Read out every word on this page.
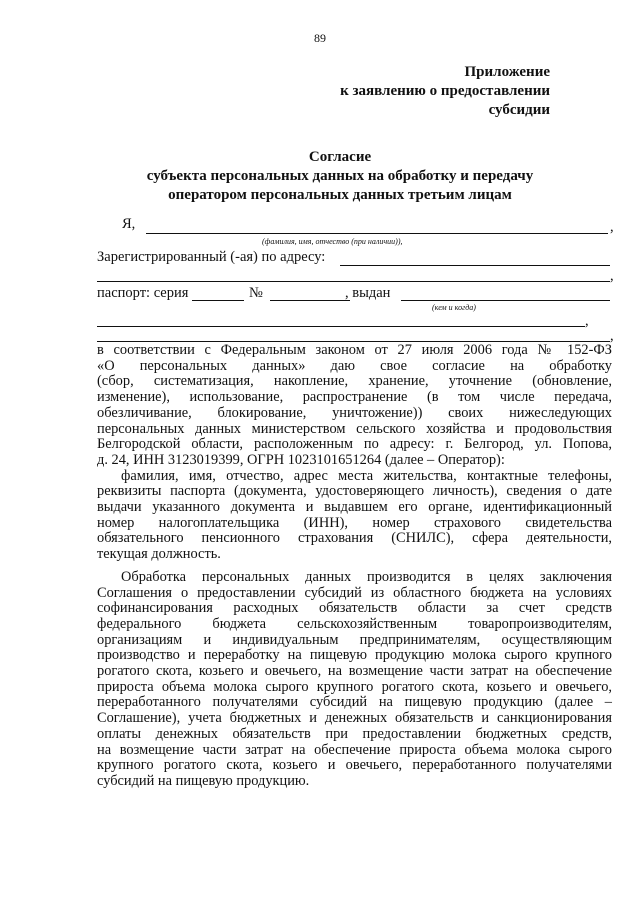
89
Приложение
к заявлению о предоставлении
субсидии
Согласие
субъекта персональных данных на обработку и передачу
оператором персональных данных третьим лицам
Я,	,
(фамилия, имя, отчество (при наличии)),
Зарегистрированный (-ая) по адресу:
,
паспорт: серия	№	, выдан
(кем и когда)
,
,

в соответствии с Федеральным законом от 27 июля 2006 года № 152-ФЗ

«О персональных данных» даю свое согласие на обработку

(сбор, систематизация, накопление, хранение, уточнение (обновление,

изменение), использование, распространение (в том числе передача,

обезличивание, блокирование, уничтожение)) своих нижеследующих

персональных данных министерством сельского хозяйства и продовольствия

Белгородской области, расположенным по адресу: г. Белгород, ул. Попова,

д. 24, ИНН 3123019399, ОГРН 1023101651264 (далее – Оператор):

фамилия, имя, отчество, адрес места жительства, контактные телефоны,

реквизиты паспорта (документа, удостоверяющего личность), сведения о дате

выдачи указанного документа и выдавшем его органе, идентификационный

номер налогоплательщика (ИНН), номер страхового свидетельства

обязательного пенсионного страхования (СНИЛС), сфера деятельности,

текущая должность.

Обработка персональных данных производится в целях заключения

Соглашения о предоставлении субсидий из областного бюджета на условиях

софинансирования расходных обязательств области за счет средств

федерального бюджета сельскохозяйственным товаропроизводителям,

организациям и индивидуальным предпринимателям, осуществляющим

производство и переработку на пищевую продукцию молока сырого крупного

рогатого скота, козьего и овечьего, на возмещение части затрат на обеспечение

прироста объема молока сырого крупного рогатого скота, козьего и овечьего,

переработанного получателями субсидий на пищевую продукцию (далее –

Соглашение), учета бюджетных и денежных обязательств и санкционирования

оплаты денежных обязательств при предоставлении бюджетных средств,

на возмещение части затрат на обеспечение прироста объема молока сырого

крупного рогатого скота, козьего и овечьего, переработанного получателями

субсидий на пищевую продукцию.
